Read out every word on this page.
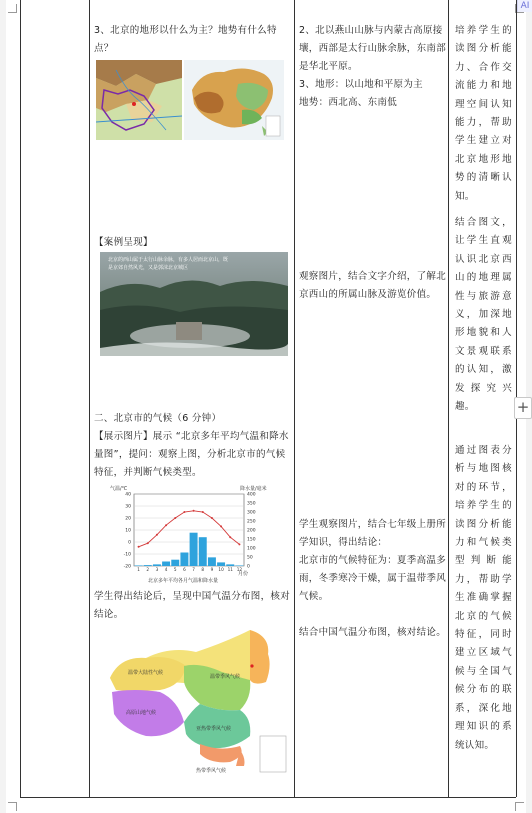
3、北京的地形以什么为主？地势有什么特点？
【案例呈现】
北京的西山属于太行山脉余脉，有多人居而北京山，既是京郊自然风光，又是郭沫北京城区
二、北京市的气候（6 分钟）
【展示图片】展示 “北京多年平均气温和降水量图”，提问：观察上图，分析北京市的气候特征，并判断气候类型。
气温/℃	降水量/毫米
-20
-10
0
10
20
30
40
0
50
100
150
200
250
300
350
400
1 2 3 4 5 6 7 8 9 10 11 12
月份
北京多年平均各月气温和降水量
学生得出结论后，呈现中国气温分布图，核对结论。
温带大陆性气候
温带季风气候
高原山地气候
亚热带季风气候
热带季风气候
2、北以燕山山脉与内蒙古高原接壤，西部是太行山脉余脉，东南部是华北平原。
3、地形：以山地和平原为主
地势：西北高、东南低
观察图片，结合文字介绍，了解北京西山的所属山脉及游览价值。
学生观察图片，结合七年级上册所学知识，得出结论：
北京市的气候特征为：夏季高温多雨，冬季寒冷干燥，属于温带季风气候。
结合中国气温分布图，核对结论。
培养学生的读图分析能力、合作交流能力和地理空间认知能力，帮助学生建立对北京地形地势的清晰认知。
结合图文，让学生直观认识北京西山的地理属性与旅游意义，加深地形地貌和人文景观联系的认知，激发探究兴趣。
通过图表分析与地图核对的环节，培养学生的读图分析能力和气候类型判断能力，帮助学生准确掌握北京的气候特征，同时建立区域气候与全国气候分布的联系，深化地理知识的系统认知。
AI
+
